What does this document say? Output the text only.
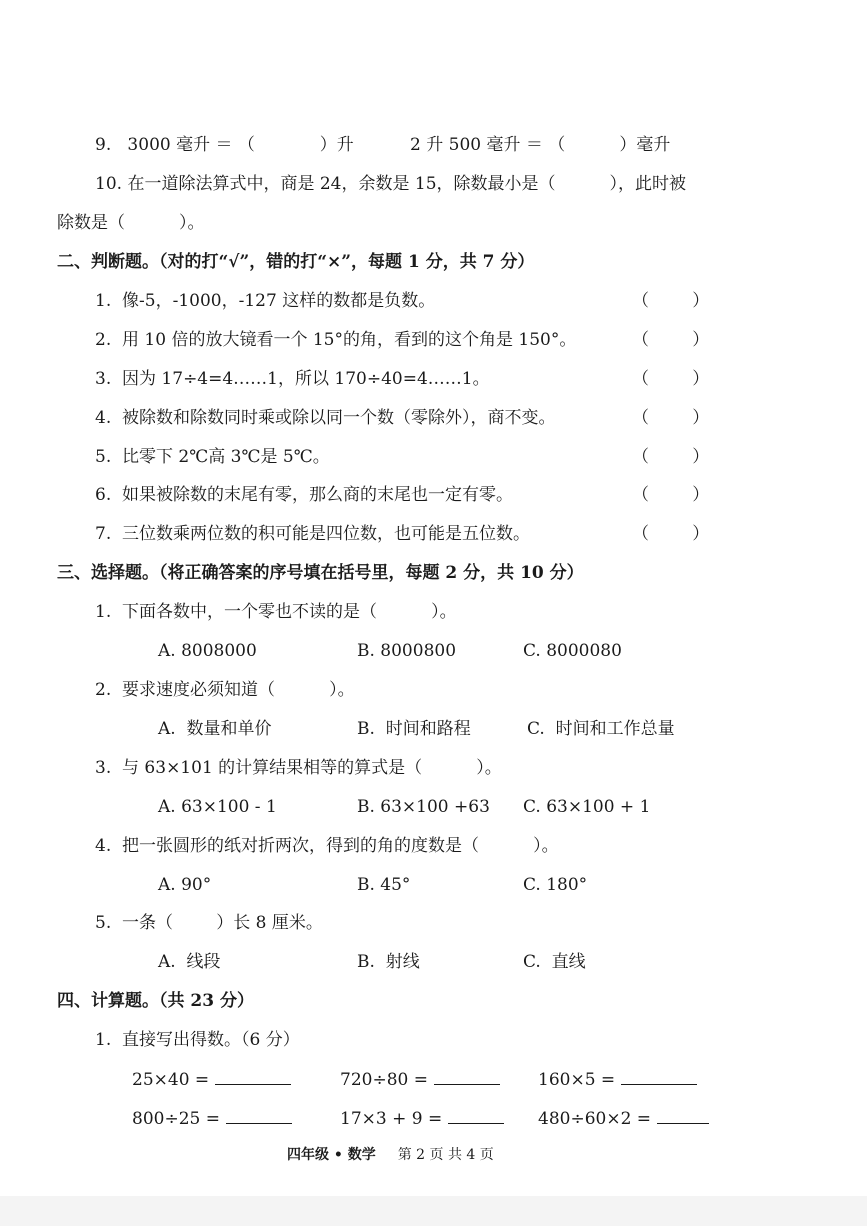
9.   3000 毫升 ＝ （            ）升	2 升 500 毫升 ＝ （          ）毫升
10. 在一道除法算式中，商是 24，余数是 15，除数最小是（          ），此时被
除数是（          ）。
二、判断题。（对的打“√”，错的打“×”，每题 1 分，共 7 分）
1.  像-5，-1000，-127 这样的数都是负数。	（        ）
2.  用 10 倍的放大镜看一个 15°的角，看到的这个角是 150°。	（        ）
3.  因为 17÷4=4……1，所以 170÷40=4……1。	（        ）
4.  被除数和除数同时乘或除以同一个数（零除外），商不变。	（        ）
5.  比零下 2℃高 3℃是 5℃。	（        ）
6.  如果被除数的末尾有零，那么商的末尾也一定有零。	（        ）
7.  三位数乘两位数的积可能是四位数，也可能是五位数。	（        ）
三、选择题。（将正确答案的序号填在括号里，每题 2 分，共 10 分）
1.  下面各数中，一个零也不读的是（          ）。
A. 8008000	B. 8000800	C. 8000080
2.  要求速度必须知道（          ）。
A.  数量和单价	B.  时间和路程	C.  时间和工作总量
3.  与 63×101 的计算结果相等的算式是（          ）。
A. 63×100 - 1	B. 63×100 +63 C. 63×100 + 1
4.  把一张圆形的纸对折两次，得到的角的度数是（          ）。
A. 90°	B. 45°	C. 180°
5.  一条（        ）长 8 厘米。
A.  线段	B.  射线	C.  直线
四、计算题。（共 23 分）
1.  直接写出得数。（6 分）
25×40 =	720÷80 =	160×5 =
800÷25 =	17×3 + 9 =	480÷60×2 =
四年级 • 数学 第 2 页 共 4 页
